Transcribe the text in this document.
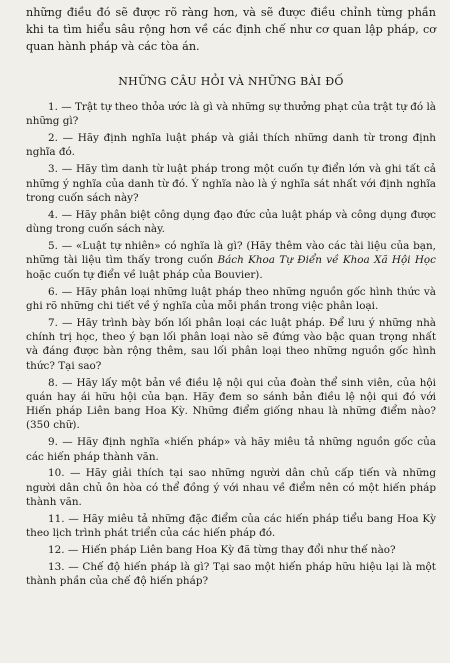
những điều đó sẽ được rõ ràng hơn, và sẽ được điều chỉnh từng phần khi ta tìm hiểu sâu rộng hơn về các định chế như cơ quan lập pháp, cơ quan hành pháp và các tòa án.

NHỮNG CÂU HỎI VÀ NHỮNG BÀI ĐỐ
1. — Trật tự theo thỏa ước là gì và những sự thưởng phạt của trật tự đó là những gì?
2. — Hãy định nghĩa luật pháp và giải thích những danh từ trong định nghĩa đó.
3. — Hãy tìm danh từ luật pháp trong một cuốn tự điển lớn và ghi tất cả những ý nghĩa của danh từ đó. Ý nghĩa nào là ý nghĩa sát nhất với định nghĩa trong cuốn sách này?
4. — Hãy phân biệt công dụng đạo đức của luật pháp và công dụng được dùng trong cuốn sách này.
5. — «Luật tự nhiên» có nghĩa là gì? (Hãy thêm vào các tài liệu của bạn, những tài liệu tìm thấy trong cuốn Bách Khoa Tự Điển về Khoa Xã Hội Học hoặc cuốn tự điển về luật pháp của Bouvier).
6. — Hãy phân loại những luật pháp theo những nguồn gốc hình thức và ghi rõ những chi tiết về ý nghĩa của mỗi phần trong việc phân loại.
7. — Hãy trình bày bốn lối phân loại các luật pháp. Để lưu ý những nhà chính trị học, theo ý bạn lối phân loại nào sẽ đứng vào bậc quan trọng nhất và đáng được bàn rộng thêm, sau lối phân loại theo những nguồn gốc hình thức? Tại sao?
8. — Hãy lấy một bản về điều lệ nội qui của đoàn thể sinh viên, của hội quán hay ái hữu hội của bạn. Hãy đem so sánh bản điều lệ nội qui đó với Hiến pháp Liên bang Hoa Kỳ. Những điểm giống nhau là những điểm nào? (350 chữ).
9. — Hãy định nghĩa «hiến pháp» và hãy miêu tả những nguồn gốc của các hiến pháp thành văn.
10. — Hãy giải thích tại sao những người dân chủ cấp tiến và những người dân chủ ôn hòa có thể đồng ý với nhau về điểm nên có một hiến pháp thành văn.
11. — Hãy miêu tả những đặc điểm của các hiến pháp tiểu bang Hoa Kỳ theo lịch trình phát triển của các hiến pháp đó.
12. — Hiến pháp Liên bang Hoa Kỳ đã từng thay đổi như thế nào?
13. — Chế độ hiến pháp là gì? Tại sao một hiến pháp hữu hiệu lại là một thành phần của chế độ hiến pháp?
